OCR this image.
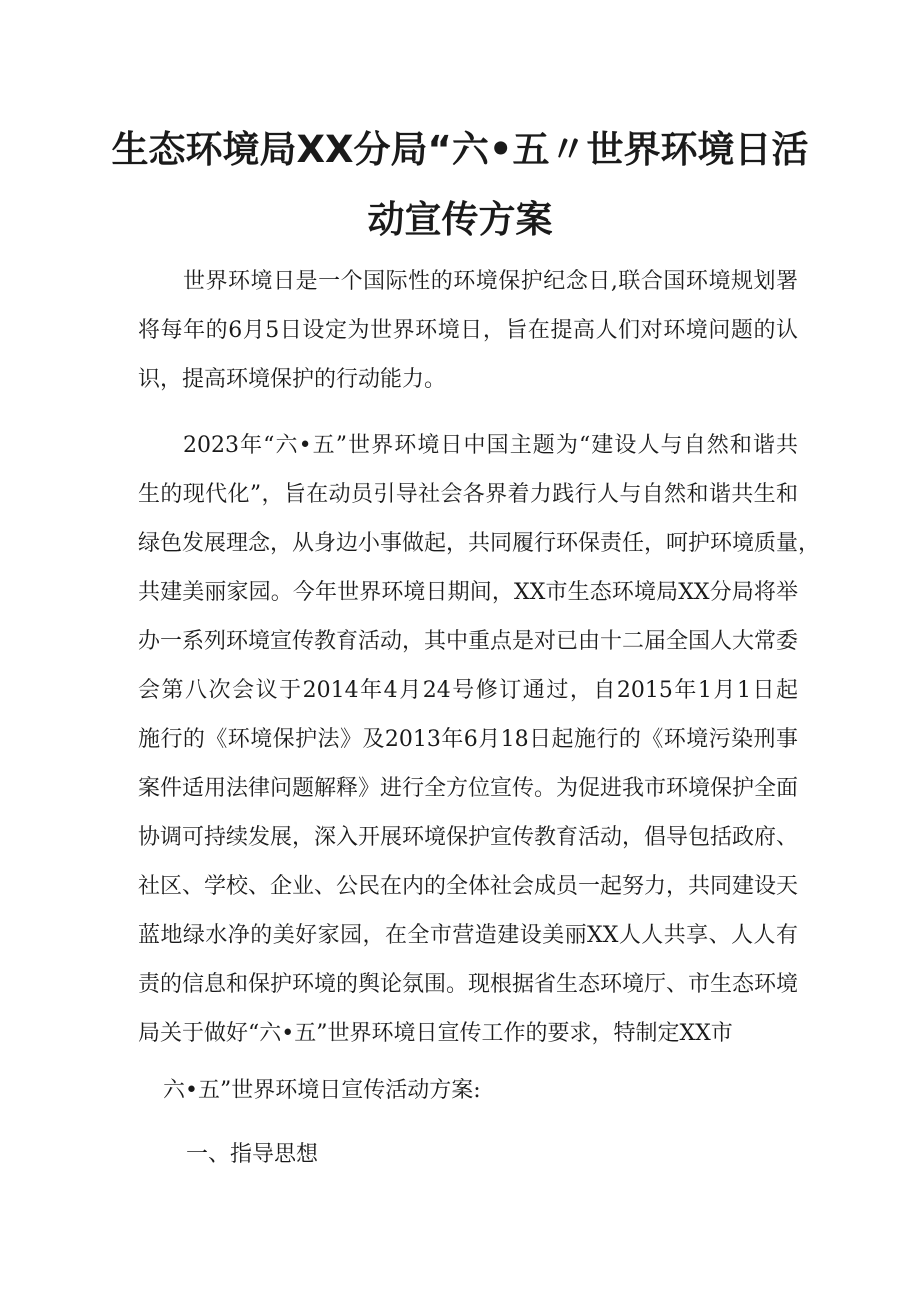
生态环境局XX分局“六•五〃世界环境日活
动宣传方案

世界环境日是一个国际性的环境保护纪念日,联合国环境规划署

将每年的6月5日设定为世界环境日，旨在提高人们对环境问题的认

识，提高环境保护的行动能力。

2023年“六•五”世界环境日中国主题为“建设人与自然和谐共

生的现代化”，旨在动员引导社会各界着力践行人与自然和谐共生和

绿色发展理念，从身边小事做起，共同履行环保责任，呵护环境质量，

共建美丽家园。今年世界环境日期间，XX市生态环境局XX分局将举

办一系列环境宣传教育活动，其中重点是对已由十二届全国人大常委

会第八次会议于2014年4月24号修订通过，自2015年1月1日起

施行的《环境保护法》及2013年6月18日起施行的《环境污染刑事

案件适用法律问题解释》进行全方位宣传。为促进我市环境保护全面

协调可持续发展，深入开展环境保护宣传教育活动，倡导包括政府、

社区、学校、企业、公民在内的全体社会成员一起努力，共同建设天

蓝地绿水净的美好家园，在全市营造建设美丽XX人人共享、人人有

责的信息和保护环境的舆论氛围。现根据省生态环境厅、市生态环境

局关于做好“六•五”世界环境日宣传工作的要求，特制定XX市

六•五”世界环境日宣传活动方案:

一、指导思想
